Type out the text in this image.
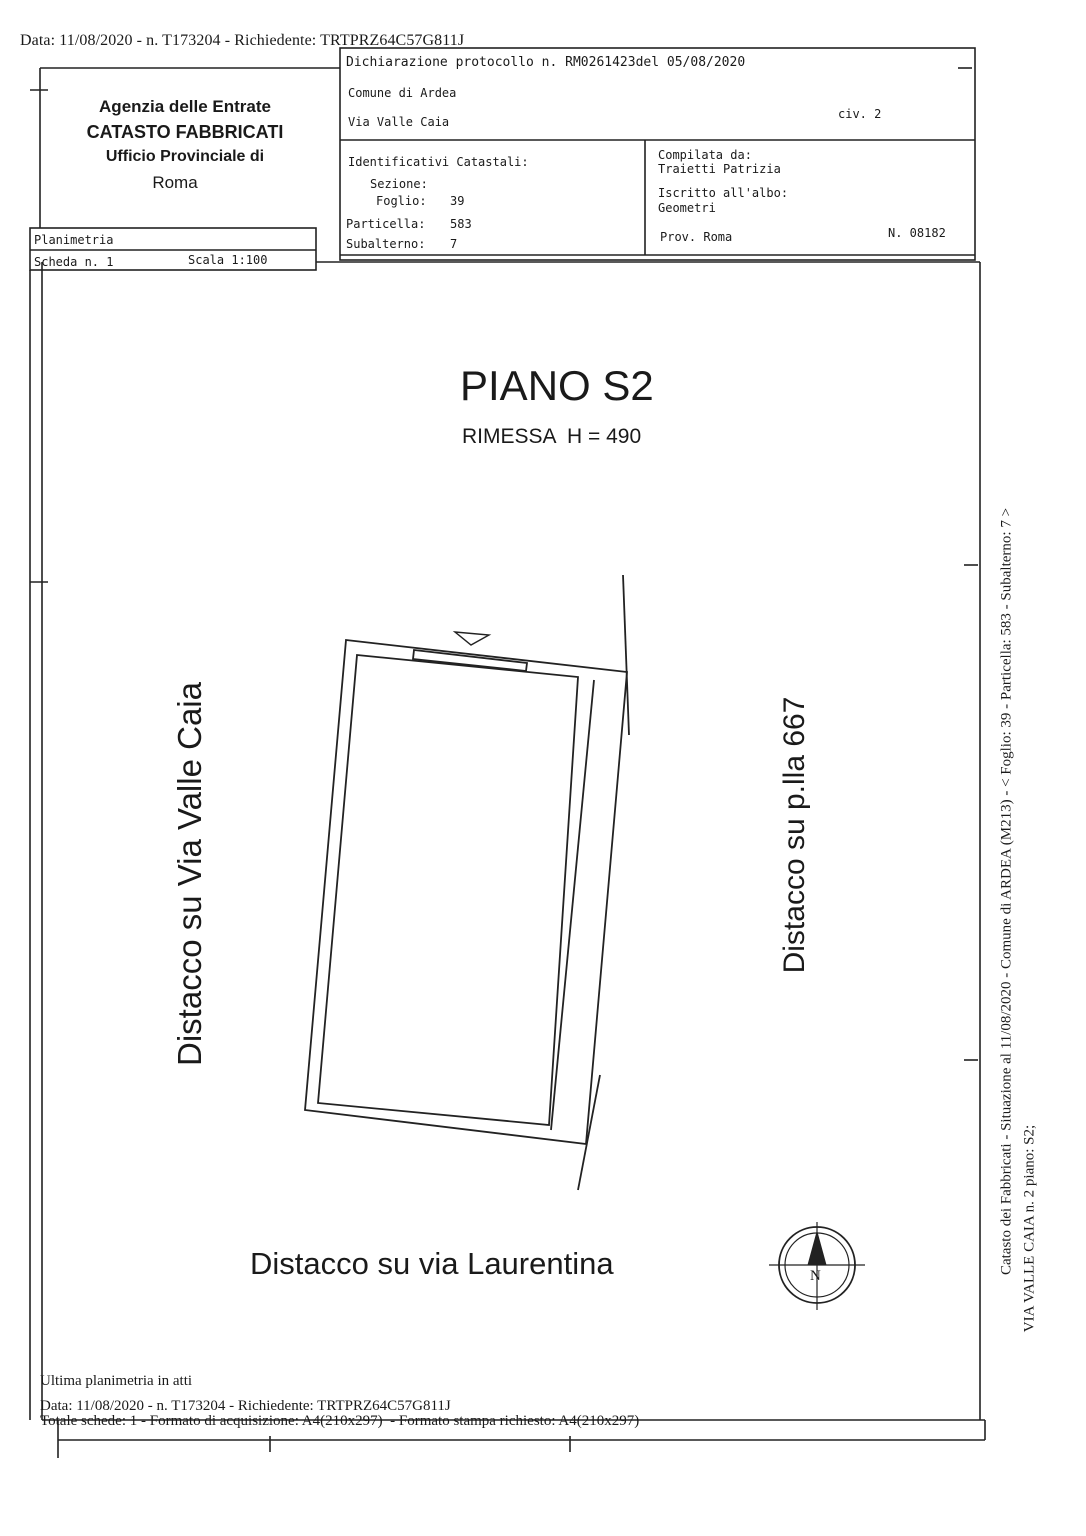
Data: 11/08/2020 - n. T173204 - Richiedente: TRTPRZ64C57G811J
Agenzia delle Entrate
CATASTO FABBRICATI
Ufficio Provinciale di
Roma
Dichiarazione protocollo n. RM0261423del 05/08/2020
Comune di Ardea
Via Valle Caia
civ. 2
Identificativi Catastali:
Sezione:
Foglio: 39
Particella: 583
Subalterno: 7
Compilata da:
Traietti Patrizia
Iscritto all'albo:
Geometri
Prov. Roma	N. 08182
Planimetria
Scheda n. 1	Scala 1:100
PIANO S2
RIMESSA  H = 490
Distacco su Via Valle Caia	Distacco su p.lla 667
Distacco su via Laurentina	N
Ultima planimetria in atti
Data: 11/08/2020 - n. T173204 - Richiedente: TRTPRZ64C57G811J
Totale schede: 1 - Formato di acquisizione: A4(210x297)  - Formato stampa richiesto: A4(210x297)
Catasto dei Fabbricati - Situazione al 11/08/2020 - Comune di ARDEA (M213) - < Foglio: 39 - Particella: 583 - Subalterno: 7 > VIA VALLE CAIA n. 2 piano: S2;
